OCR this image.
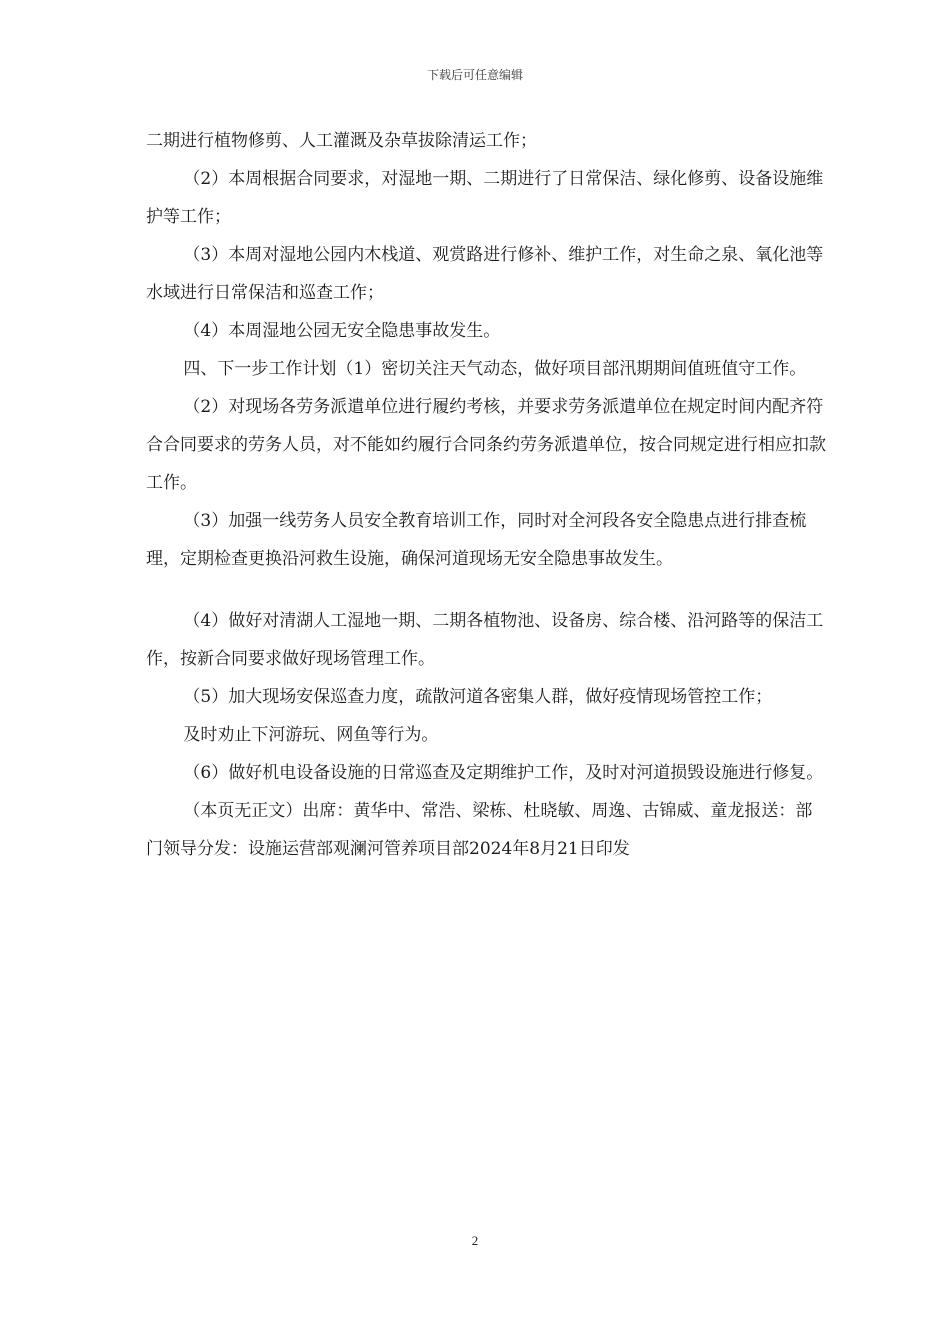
下载后可任意编辑

二期进行植物修剪、人工灌溉及杂草拔除清运工作；

（2）本周根据合同要求，对湿地一期、二期进行了日常保洁、绿化修剪、设备设施维护等工作；

（3）本周对湿地公园内木栈道、观赏路进行修补、维护工作，对生命之泉、氧化池等水域进行日常保洁和巡查工作；

（4）本周湿地公园无安全隐患事故发生。

四、下一步工作计划（1）密切关注天气动态，做好项目部汛期期间值班值守工作。

（2）对现场各劳务派遣单位进行履约考核，并要求劳务派遣单位在规定时间内配齐符合合同要求的劳务人员，对不能如约履行合同条约劳务派遣单位，按合同规定进行相应扣款工作。

（3）加强一线劳务人员安全教育培训工作，同时对全河段各安全隐患点进行排查梳理，定期检查更换沿河救生设施，确保河道现场无安全隐患事故发生。

（4）做好对清湖人工湿地一期、二期各植物池、设备房、综合楼、沿河路等的保洁工作，按新合同要求做好现场管理工作。

（5）加大现场安保巡查力度，疏散河道各密集人群，做好疫情现场管控工作；

及时劝止下河游玩、网鱼等行为。

（6）做好机电设备设施的日常巡查及定期维护工作，及时对河道损毁设施进行修复。

（本页无正文）出席：黄华中、常浩、梁栋、杜晓敏、周逸、古锦威、童龙报送：部门领导分发：设施运营部观澜河管养项目部2024年8月21日印发

2
